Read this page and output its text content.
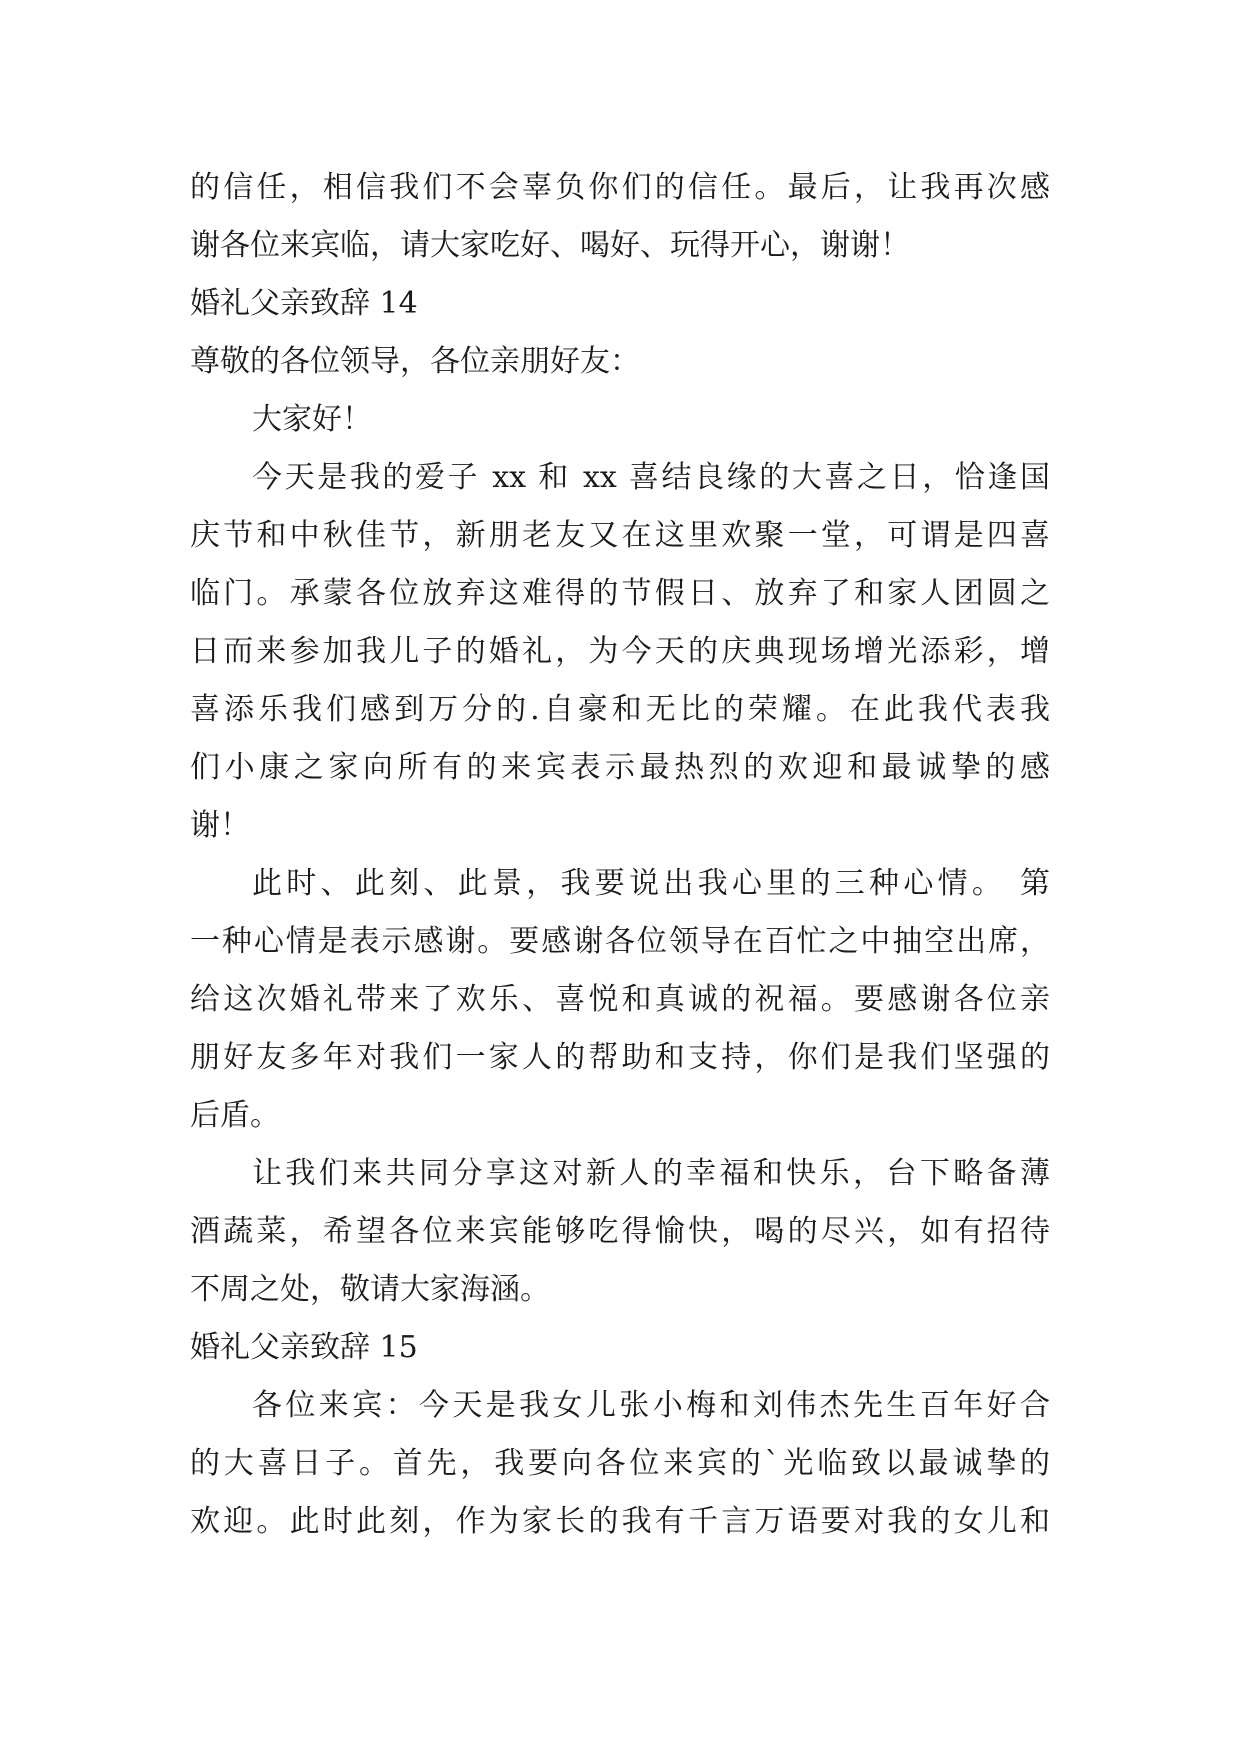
的信任，相信我们不会辜负你们的信任。最后，让我再次感
谢各位来宾临，请大家吃好、喝好、玩得开心，谢谢！
婚礼父亲致辞 14
尊敬的各位领导，各位亲朋好友：
大家好！
今天是我的爱子 xx 和 xx 喜结良缘的大喜之日，恰逢国
庆节和中秋佳节，新朋老友又在这里欢聚一堂，可谓是四喜
临门。承蒙各位放弃这难得的节假日、放弃了和家人团圆之
日而来参加我儿子的婚礼，为今天的庆典现场增光添彩，增
喜添乐我们感到万分的.自豪和无比的荣耀。在此我代表我
们小康之家向所有的来宾表示最热烈的欢迎和最诚挚的感
谢！
此时、此刻、此景，我要说出我心里的三种心情。 第
一种心情是表示感谢。要感谢各位领导在百忙之中抽空出席，
给这次婚礼带来了欢乐、喜悦和真诚的祝福。要感谢各位亲
朋好友多年对我们一家人的帮助和支持，你们是我们坚强的
后盾。
让我们来共同分享这对新人的幸福和快乐，台下略备薄
酒蔬菜，希望各位来宾能够吃得愉快，喝的尽兴，如有招待
不周之处，敬请大家海涵。
婚礼父亲致辞 15
各位来宾：今天是我女儿张小梅和刘伟杰先生百年好合
的大喜日子。首先，我要向各位来宾的`光临致以最诚挚的
欢迎。此时此刻，作为家长的我有千言万语要对我的女儿和
